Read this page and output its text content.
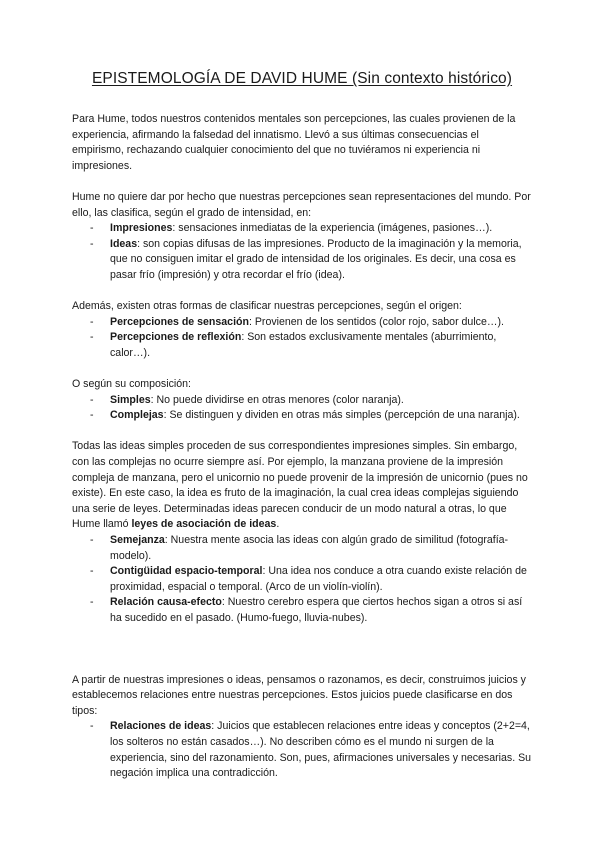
EPISTEMOLOGÍA DE DAVID HUME (Sin contexto histórico)

Para Hume, todos nuestros contenidos mentales son percepciones, las cuales provienen de la experiencia, afirmando la falsedad del innatismo. Llevó a sus últimas consecuencias el empirismo, rechazando cualquier conocimiento del que no tuviéramos ni experiencia ni impresiones.

Hume no quiere dar por hecho que nuestras percepciones sean representaciones del mundo. Por ello, las clasifica, según el grado de intensidad, en:

- Impresiones: sensaciones inmediatas de la experiencia (imágenes, pasiones…).
- Ideas: son copias difusas de las impresiones. Producto de la imaginación y la memoria, que no consiguen imitar el grado de intensidad de los originales. Es decir, una cosa es pasar frío (impresión) y otra recordar el frío (idea).

Además, existen otras formas de clasificar nuestras percepciones, según el origen:

- Percepciones de sensación: Provienen de los sentidos (color rojo, sabor dulce…).
- Percepciones de reflexión: Son estados exclusivamente mentales (aburrimiento, calor…).

O según su composición:

- Simples: No puede dividirse en otras menores (color naranja).
- Complejas: Se distinguen y dividen en otras más simples (percepción de una naranja).

Todas las ideas simples proceden de sus correspondientes impresiones simples. Sin embargo, con las complejas no ocurre siempre así. Por ejemplo, la manzana proviene de la impresión compleja de manzana, pero el unicornio no puede provenir de la impresión de unicornio (pues no existe). En este caso, la idea es fruto de la imaginación, la cual crea ideas complejas siguiendo una serie de leyes. Determinadas ideas parecen conducir de un modo natural a otras, lo que Hume llamó leyes de asociación de ideas.

- Semejanza: Nuestra mente asocia las ideas con algún grado de similitud (fotografía-modelo).
- Contigüidad espacio-temporal: Una idea nos conduce a otra cuando existe relación de proximidad, espacial o temporal. (Arco de un violín-violín).
- Relación causa-efecto: Nuestro cerebro espera que ciertos hechos sigan a otros si así ha sucedido en el pasado. (Humo-fuego, lluvia-nubes).

A partir de nuestras impresiones o ideas, pensamos o razonamos, es decir, construimos juicios y establecemos relaciones entre nuestras percepciones. Estos juicios puede clasificarse en dos tipos:

- Relaciones de ideas: Juicios que establecen relaciones entre ideas y conceptos (2+2=4, los solteros no están casados…). No describen cómo es el mundo ni surgen de la experiencia, sino del razonamiento. Son, pues, afirmaciones universales y necesarias. Su negación implica una contradicción.
